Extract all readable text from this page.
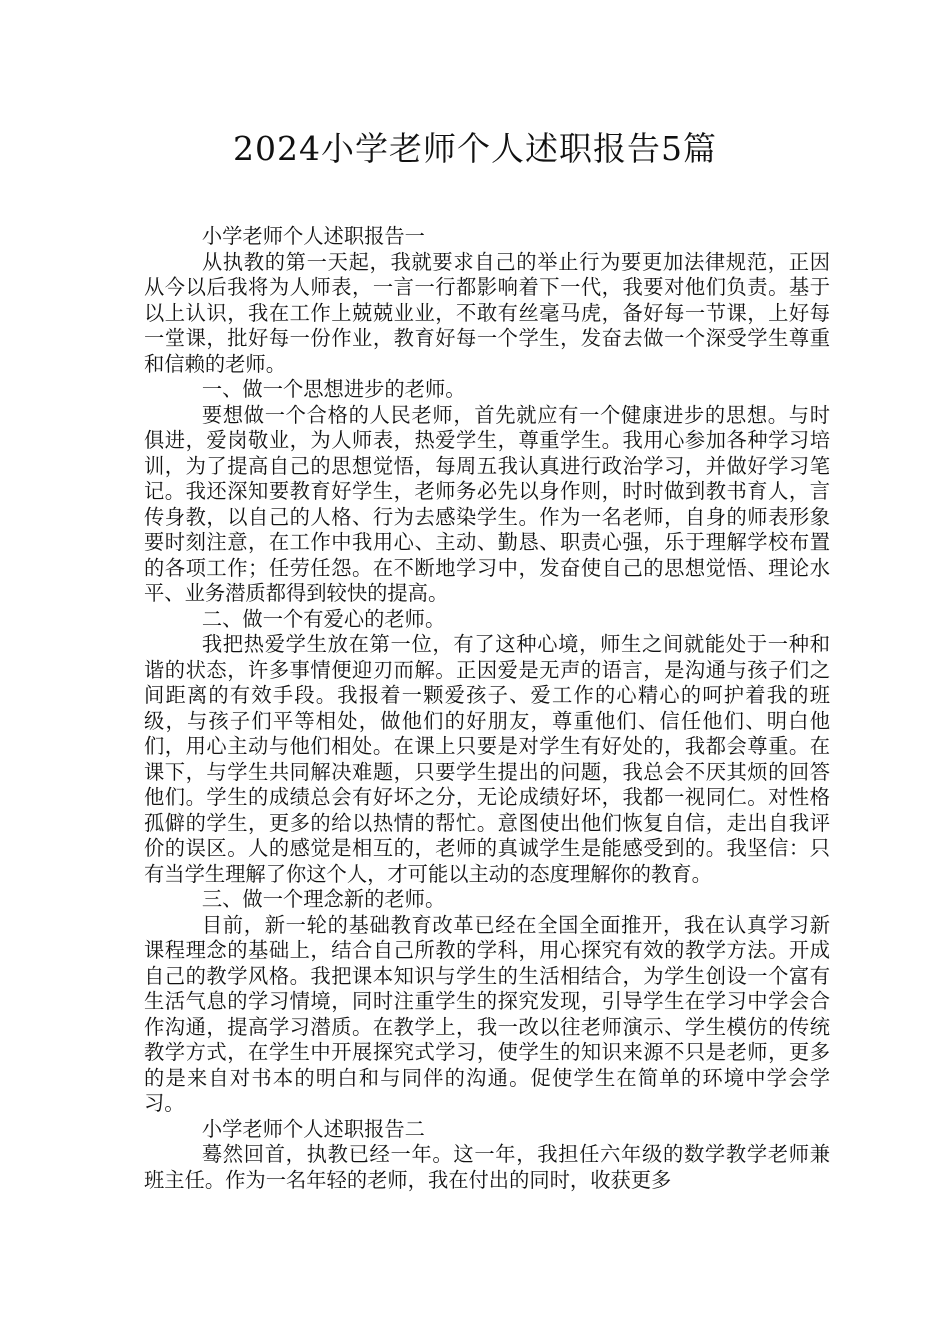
2024小学老师个人述职报告5篇

小学老师个人述职报告一

从执教的第一天起，我就要求自己的举止行为要更加法律规范，正因从今以后我将为人师表，一言一行都影响着下一代，我要对他们负责。基于以上认识，我在工作上兢兢业业，不敢有丝毫马虎，备好每一节课，上好每一堂课，批好每一份作业，教育好每一个学生，发奋去做一个深受学生尊重和信赖的老师。

一、做一个思想进步的老师。

要想做一个合格的人民老师，首先就应有一个健康进步的思想。与时俱进，爱岗敬业，为人师表，热爱学生，尊重学生。我用心参加各种学习培训，为了提高自己的思想觉悟，每周五我认真进行政治学习，并做好学习笔记。我还深知要教育好学生，老师务必先以身作则，时时做到教书育人，言传身教，以自己的人格、行为去感染学生。作为一名老师，自身的师表形象要时刻注意，在工作中我用心、主动、勤恳、职责心强，乐于理解学校布置的各项工作；任劳任怨。在不断地学习中，发奋使自己的思想觉悟、理论水平、业务潜质都得到较快的提高。

二、做一个有爱心的老师。

我把热爱学生放在第一位，有了这种心境，师生之间就能处于一种和谐的状态，许多事情便迎刃而解。正因爱是无声的语言，是沟通与孩子们之间距离的有效手段。我报着一颗爱孩子、爱工作的心精心的呵护着我的班级，与孩子们平等相处，做他们的好朋友，尊重他们、信任他们、明白他们，用心主动与他们相处。在课上只要是对学生有好处的，我都会尊重。在课下，与学生共同解决难题，只要学生提出的问题，我总会不厌其烦的回答他们。学生的成绩总会有好坏之分，无论成绩好坏，我都一视同仁。对性格孤僻的学生，更多的给以热情的帮忙。意图使出他们恢复自信，走出自我评价的误区。人的感觉是相互的，老师的真诚学生是能感受到的。我坚信：只有当学生理解了你这个人，才可能以主动的态度理解你的教育。

三、做一个理念新的老师。

目前，新一轮的基础教育改革已经在全国全面推开，我在认真学习新课程理念的基础上，结合自己所教的学科，用心探究有效的教学方法。开成自己的教学风格。我把课本知识与学生的生活相结合，为学生创设一个富有生活气息的学习情境，同时注重学生的探究发现，引导学生在学习中学会合作沟通，提高学习潜质。在教学上，我一改以往老师演示、学生模仿的传统教学方式，在学生中开展探究式学习，使学生的知识来源不只是老师，更多的是来自对书本的明白和与同伴的沟通。促使学生在简单的环境中学会学习。

小学老师个人述职报告二

蓦然回首，执教已经一年。这一年，我担任六年级的数学教学老师兼班主任。作为一名年轻的老师，我在付出的同时，收获更多
